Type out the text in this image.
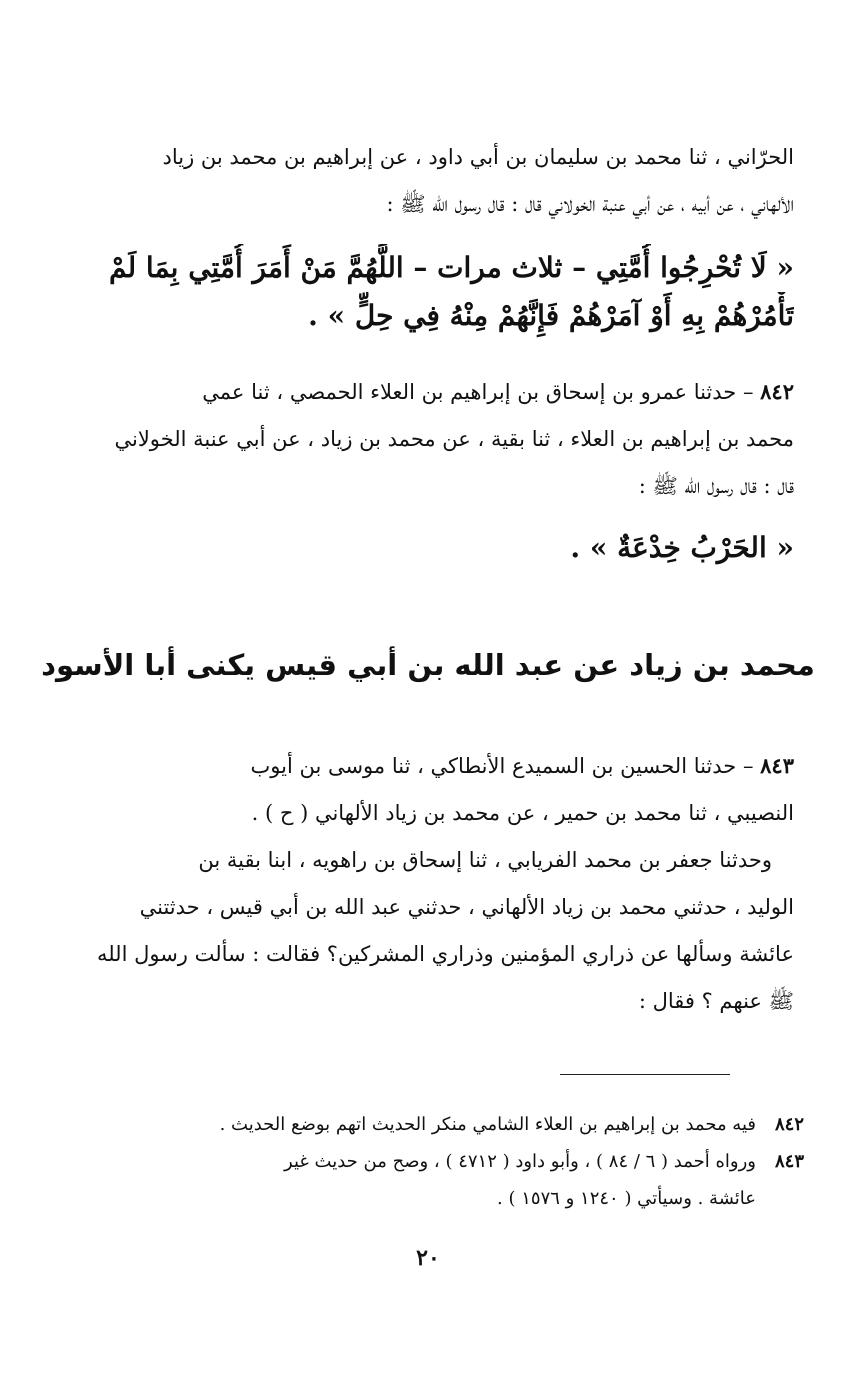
الحرّاني ، ثنا محمد بن سليمان بن أبي داود ، عن إبراهيم بن محمد بن زياد
الألهاني ، عن أبيه ، عن أبي عنبة الخولاني قال : قال رسول الله ﷺ :
« لَا تُحْرِجُوا أُمَّتِي – ثلاث مرات – اللَّهُمَّ مَنْ أَمَرَ أُمَّتِي بِمَا لَمْ
تَأْمُرْهُمْ بِهِ أَوْ آمَرْهُمْ فَإِنَّهُمْ مِنْهُ فِي حِلٍّ » .
٨٤٢ – حدثنا عمرو بن إسحاق بن إبراهيم بن العلاء الحمصي ، ثنا عمي
محمد بن إبراهيم بن العلاء ، ثنا بقية ، عن محمد بن زياد ، عن أبي عنبة الخولاني
قال : قال رسول الله ﷺ :
« الحَرْبُ خِدْعَةٌ » .
محمد بن زياد عن عبد الله بن أبي قيس يكنى أبا الأسود
٨٤٣ – حدثنا الحسين بن السميدع الأنطاكي ، ثنا موسى بن أيوب
النصيبي ، ثنا محمد بن حمير ، عن محمد بن زياد الألهاني ( ح ) .
وحدثنا جعفر بن محمد الفريابي ، ثنا إسحاق بن راهويه ، ابنا بقية بن
الوليد ، حدثني محمد بن زياد الألهاني ، حدثني عبد الله بن أبي قيس ، حدثتني
عائشة وسألها عن ذراري المؤمنين وذراري المشركين؟ فقالت : سألت رسول الله
ﷺ عنهم ؟ فقال :
٨٤٢فيه محمد بن إبراهيم بن العلاء الشامي منكر الحديث اتهم بوضع الحديث .
٨٤٣ورواه أحمد ( ٦ / ٨٤ ) ، وأبو داود ( ٤٧١٢ ) ، وصح من حديث غير
عائشة . وسيأتي ( ١٢٤٠ و ١٥٧٦ ) .
٢٠
